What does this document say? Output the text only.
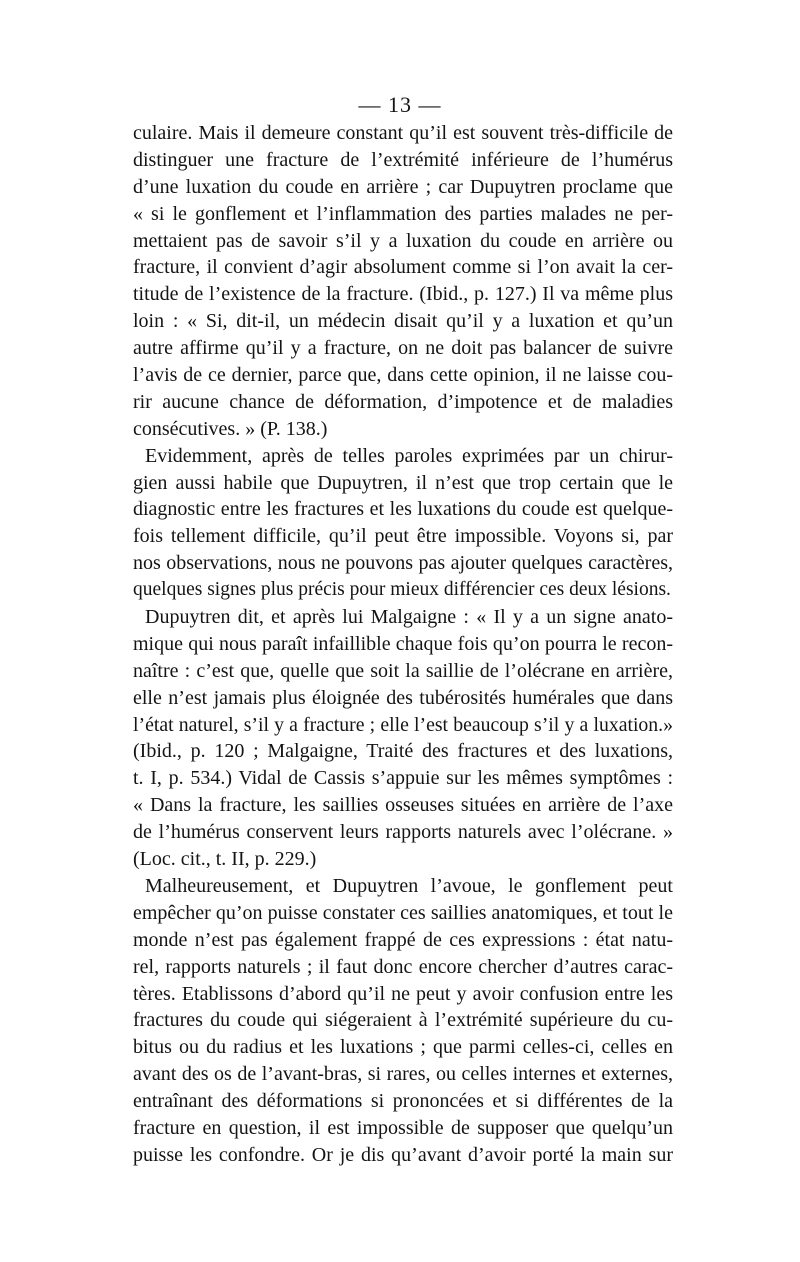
— 13 —
culaire. Mais il demeure constant qu’il est souvent très-difficile de
distinguer une fracture de l’extrémité inférieure de l’humérus
d’une luxation du coude en arrière ; car Dupuytren proclame que
« si le gonflement et l’inflammation des parties malades ne per-
mettaient pas de savoir s’il y a luxation du coude en arrière ou
fracture, il convient d’agir absolument comme si l’on avait la cer-
titude de l’existence de la fracture. (Ibid., p. 127.) Il va même plus
loin : « Si, dit-il, un médecin disait qu’il y a luxation et qu’un
autre affirme qu’il y a fracture, on ne doit pas balancer de suivre
l’avis de ce dernier, parce que, dans cette opinion, il ne laisse cou-
rir aucune chance de déformation, d’impotence et de maladies
consécutives. » (P. 138.)
Evidemment, après de telles paroles exprimées par un chirur-
gien aussi habile que Dupuytren, il n’est que trop certain que le
diagnostic entre les fractures et les luxations du coude est quelque-
fois tellement difficile, qu’il peut être impossible. Voyons si, par
nos observations, nous ne pouvons pas ajouter quelques caractères,
quelques signes plus précis pour mieux différencier ces deux lésions.
Dupuytren dit, et après lui Malgaigne : « Il y a un signe anato-
mique qui nous paraît infaillible chaque fois qu’on pourra le recon-
naître : c’est que, quelle que soit la saillie de l’olécrane en arrière,
elle n’est jamais plus éloignée des tubérosités humérales que dans
l’état naturel, s’il y a fracture ; elle l’est beaucoup s’il y a luxation.»
(Ibid., p. 120 ; Malgaigne, Traité des fractures et des luxations,
t. I, p. 534.) Vidal de Cassis s’appuie sur les mêmes symptômes :
« Dans la fracture, les saillies osseuses situées en arrière de l’axe
de l’humérus conservent leurs rapports naturels avec l’olécrane. »
(Loc. cit., t. II, p. 229.)
Malheureusement, et Dupuytren l’avoue, le gonflement peut
empêcher qu’on puisse constater ces saillies anatomiques, et tout le
monde n’est pas également frappé de ces expressions : état natu-
rel, rapports naturels ; il faut donc encore chercher d’autres carac-
tères. Etablissons d’abord qu’il ne peut y avoir confusion entre les
fractures du coude qui siégeraient à l’extrémité supérieure du cu-
bitus ou du radius et les luxations ; que parmi celles-ci, celles en
avant des os de l’avant-bras, si rares, ou celles internes et externes,
entraînant des déformations si prononcées et si différentes de la
fracture en question, il est impossible de supposer que quelqu’un
puisse les confondre. Or je dis qu’avant d’avoir porté la main sur
